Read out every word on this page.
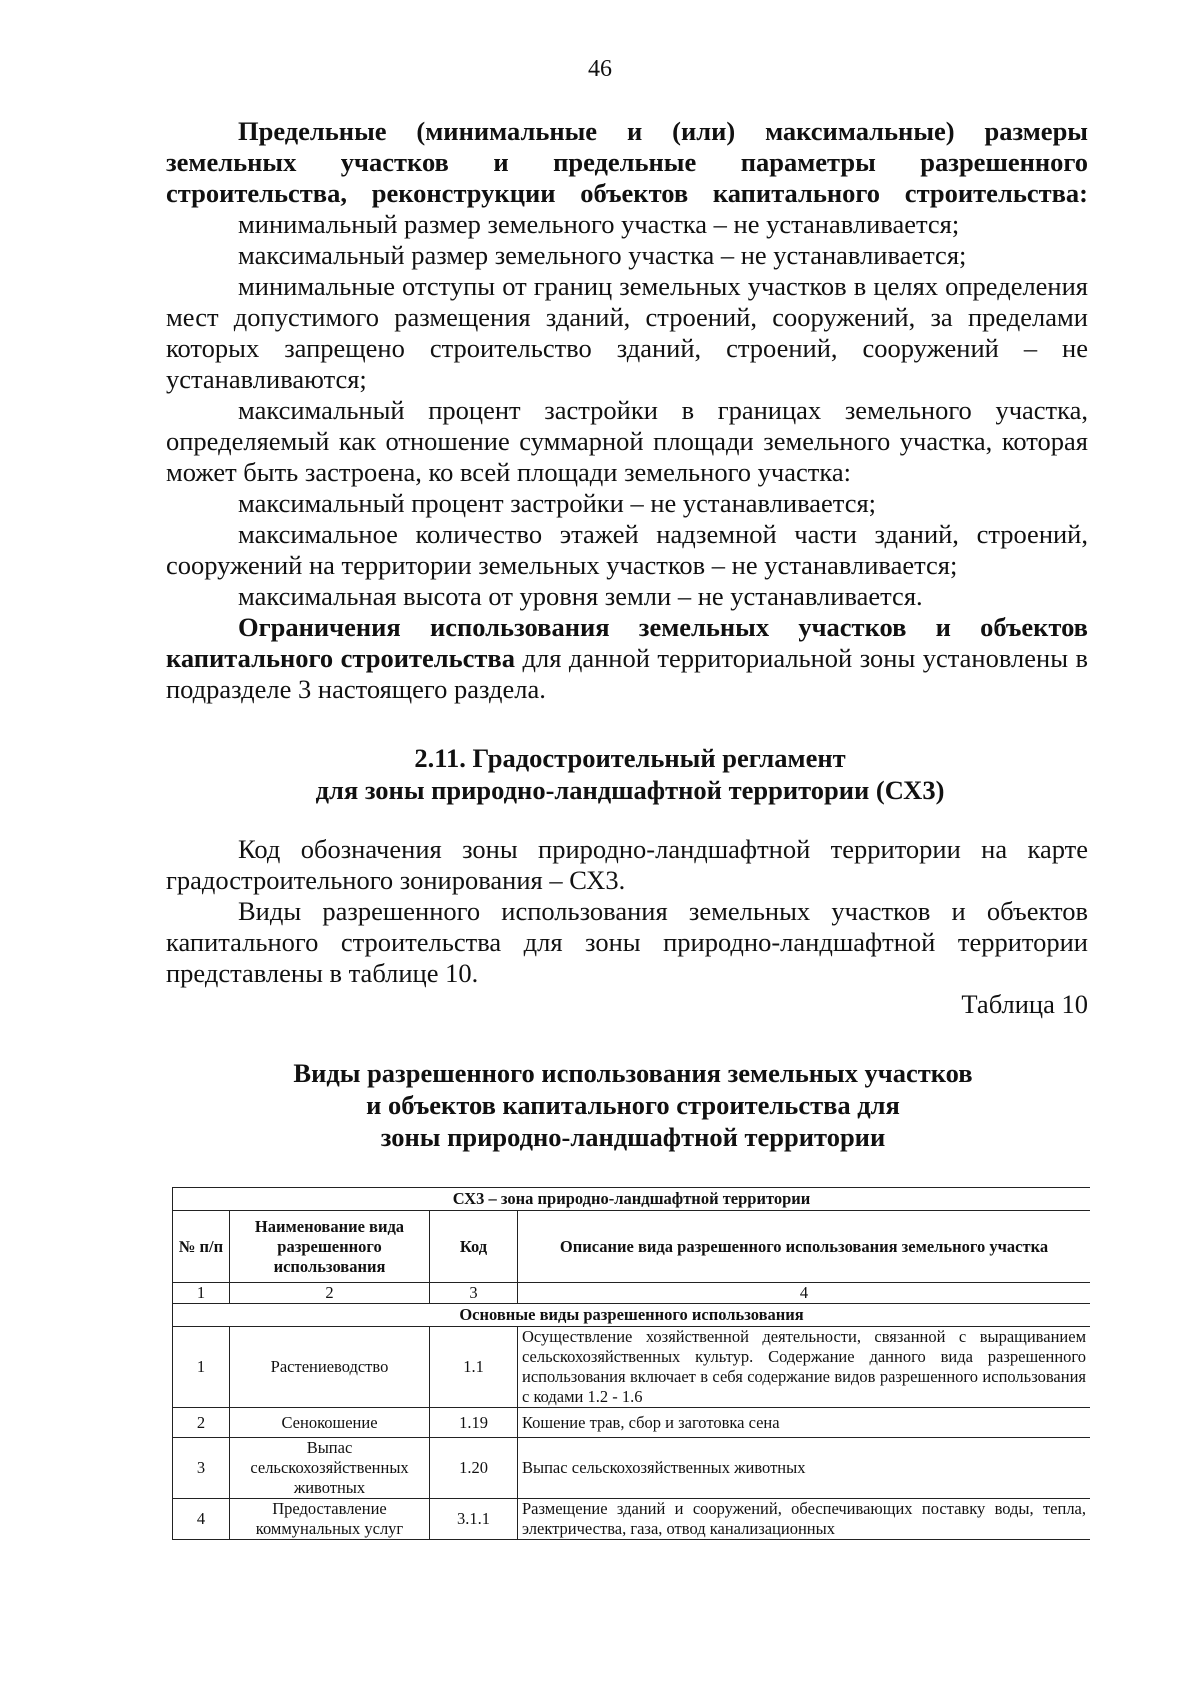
46

Предельные (минимальные и (или) максимальные) размеры

земельных участков и предельные параметры разрешенного

строительства, реконструкции объектов капитального строительства:

минимальный размер земельного участка – не устанавливается;

максимальный размер земельного участка – не устанавливается;

минимальные отступы от границ земельных участков в целях определения мест допустимого размещения зданий, строений, сооружений, за пределами которых запрещено строительство зданий, строений, сооружений – не устанавливаются;

максимальный процент застройки в границах земельного участка, определяемый как отношение суммарной площади земельного участка, которая может быть застроена, ко всей площади земельного участка:

максимальный процент застройки – не устанавливается;

максимальное количество этажей надземной части зданий, строений, сооружений на территории земельных участков – не устанавливается;

максимальная высота от уровня земли – не устанавливается.

Ограничения использования земельных участков и объектов капитального строительства для данной территориальной зоны установлены в подразделе 3 настоящего раздела.

2.11. Градостроительный регламент
для зоны природно-ландшафтной территории (СХ3)

Код обозначения зоны природно-ландшафтной территории на карте градостроительного зонирования – СХ3.

Виды разрешенного использования земельных участков и объектов капитального строительства для зоны природно-ландшафтной территории представлены в таблице 10.

Таблица 10

Виды разрешенного использования земельных участков
и объектов капитального строительства для
зоны природно-ландшафтной территории
СХ3 – зона природно-ландшафтной территории			
№ п/п	Наименование вида разрешенного использования	Код	Описание вида разрешенного использования земельного участка
1	2	3	4
Основные виды разрешенного использования			
1	Растениеводство	1.1	Осуществление хозяйственной деятельности, связанной с выращиванием сельскохозяйственных культур. Содержание данного вида разрешенного использования включает в себя содержание видов разрешенного использования с кодами 1.2 - 1.6
2	Сенокошение	1.19	Кошение трав, сбор и заготовка сена
3	Выпас сельскохозяйственных животных	1.20	Выпас сельскохозяйственных животных
4	Предоставление коммунальных услуг	3.1.1	Размещение зданий и сооружений, обеспечивающих поставку воды, тепла, электричества, газа, отвод канализационных
